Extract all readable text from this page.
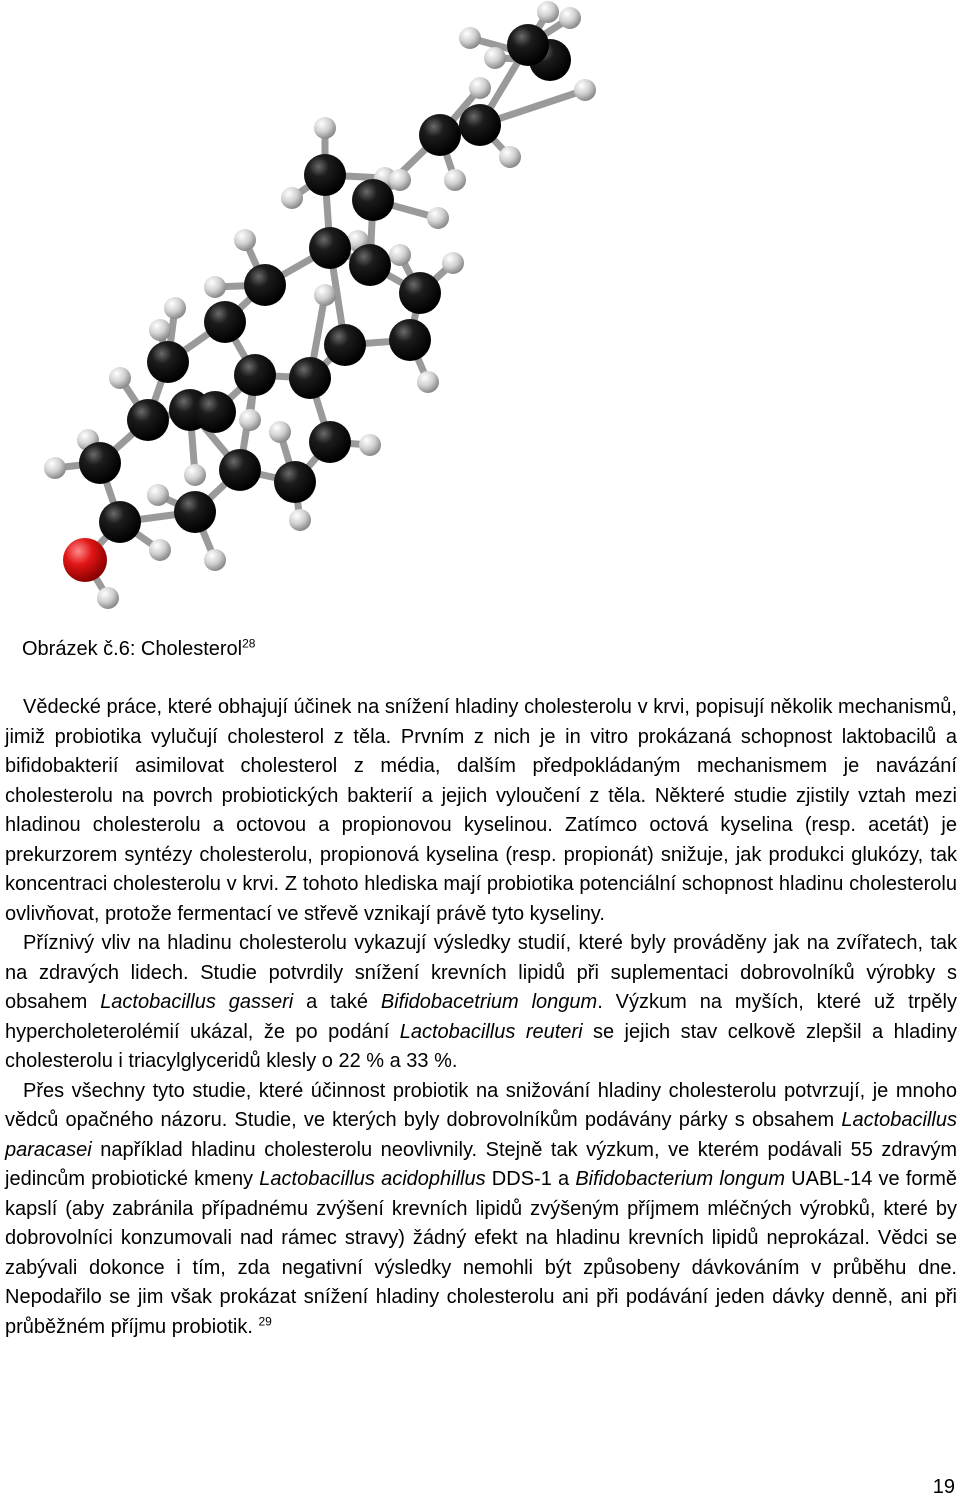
Obrázek č.6: Cholesterol$^{28}$

Vědecké práce, které obhajují účinek na snížení hladiny cholesterolu v krvi, popisují několik mechanismů, jimiž probiotika vylučují cholesterol z těla. Prvním z nich je in vitro prokázaná schopnost laktobacilů a bifidobakterií asimilovat cholesterol z média, dalším předpokládaným mechanismem je navázání cholesterolu na povrch probiotických bakterií a jejich vyloučení z těla. Některé studie zjistily vztah mezi hladinou cholesterolu a octovou a propionovou kyselinou. Zatímco octová kyselina (resp. acetát) je prekurzorem syntézy cholesterolu, propionová kyselina (resp. propionát) snižuje, jak produkci glukózy, tak koncentraci cholesterolu v krvi. Z tohoto hlediska mají probiotika potenciální schopnost hladinu cholesterolu ovlivňovat, protože fermentací ve střevě vznikají právě tyto kyseliny.

Příznivý vliv na hladinu cholesterolu vykazují výsledky studií, které byly prováděny jak na zvířatech, tak na zdravých lidech. Studie potvrdily snížení krevních lipidů při suplementaci dobrovolníků výrobky s obsahem Lactobacillus gasseri a také Bifidobacetrium longum. Výzkum na myších, které už trpěly hypercholeterolémií ukázal, že po podání Lactobacillus reuteri se jejich stav celkově zlepšil a hladiny cholesterolu i triacylglyceridů klesly o 22 % a 33 %.

Přes všechny tyto studie, které účinnost probiotik na snižování hladiny cholesterolu potvrzují, je mnoho vědců opačného názoru. Studie, ve kterých byly dobrovolníkům podávány párky s obsahem Lactobacillus paracasei například hladinu cholesterolu neovlivnily. Stejně tak výzkum, ve kterém podávali 55 zdravým jedincům probiotické kmeny Lactobacillus acidophillus DDS-1 a Bifidobacterium longum UABL-14 ve formě kapslí (aby zabránila případnému zvýšení krevních lipidů zvýšeným příjmem mléčných výrobků, které by dobrovolníci konzumovali nad rámec stravy) žádný efekt na hladinu krevních lipidů neprokázal. Vědci se zabývali dokonce i tím, zda negativní výsledky nemohli být způsobeny dávkováním v průběhu dne. Nepodařilo se jim však prokázat snížení hladiny cholesterolu ani při podávání jeden dávky denně, ani při průběžném příjmu probiotik. $^{29}$

19
